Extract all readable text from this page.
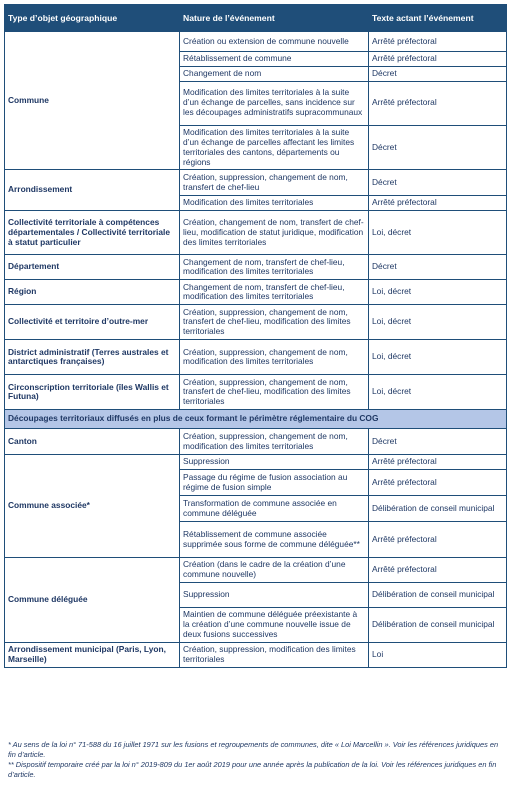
Type d’objet géographique	Nature de l’événement	Texte actant l’événement
Commune	Création ou extension de commune nouvelle	Arrêté préfectoral
	Rétablissement de commune	Arrêté préfectoral
	Changement de nom	Décret
	Modification des limites territoriales à la suite d’un échange de parcelles, sans incidence sur les découpages administratifs supracommunaux	Arrêté préfectoral
	Modification des limites territoriales à la suite d’un échange de parcelles affectant les limites territoriales des cantons, départements ou régions	Décret
Arrondissement	Création, suppression, changement de nom, transfert de chef-lieu	Décret
	Modification des limites territoriales	Arrêté préfectoral
Collectivité territoriale à compétences départementales / Collectivité territoriale à statut particulier	Création, changement de nom, transfert de chef-lieu, modification de statut juridique, modification des limites territoriales	Loi, décret
Département	Changement de nom, transfert de chef-lieu, modification des limites territoriales	Décret
Région	Changement de nom, transfert de chef-lieu, modification des limites territoriales	Loi, décret
Collectivité et territoire d’outre-mer	Création, suppression, changement de nom, transfert de chef-lieu, modification des limites territoriales	Loi, décret
District administratif (Terres australes et antarctiques françaises)	Création, suppression, changement de nom, modification des limites territoriales	Loi, décret
Circonscription territoriale (îles Wallis et Futuna)	Création, suppression, changement de nom, transfert de chef-lieu, modification des limites territoriales	Loi, décret
Découpages territoriaux diffusés en plus de ceux formant le périmètre réglementaire du COG		
Canton	Création, suppression, changement de nom, modification des limites territoriales	Décret
Commune associée*	Suppression	Arrêté préfectoral
	Passage du régime de fusion association au régime de fusion simple	Arrêté préfectoral
	Transformation de commune associée en commune déléguée	Délibération de conseil municipal
	Rétablissement de commune associée supprimée sous forme de commune déléguée**	Arrêté préfectoral
Commune déléguée	Création (dans le cadre de la création d’une commune nouvelle)	Arrêté préfectoral
	Suppression	Délibération de conseil municipal
	Maintien de commune déléguée préexistante à la création d’une commune nouvelle issue de deux fusions successives	Délibération de conseil municipal
Arrondissement municipal (Paris, Lyon, Marseille)	Création, suppression, modification des limites territoriales	Loi

* Au sens de la loi n° 71-588 du 16 juillet 1971 sur les fusions et regroupements de communes, dite « Loi Marcellin ». Voir les références juridiques en fin d’article.

** Dispositif temporaire créé par la loi n° 2019-809 du 1er août 2019 pour une année après la publication de la loi. Voir les références juridiques en fin d’article.
